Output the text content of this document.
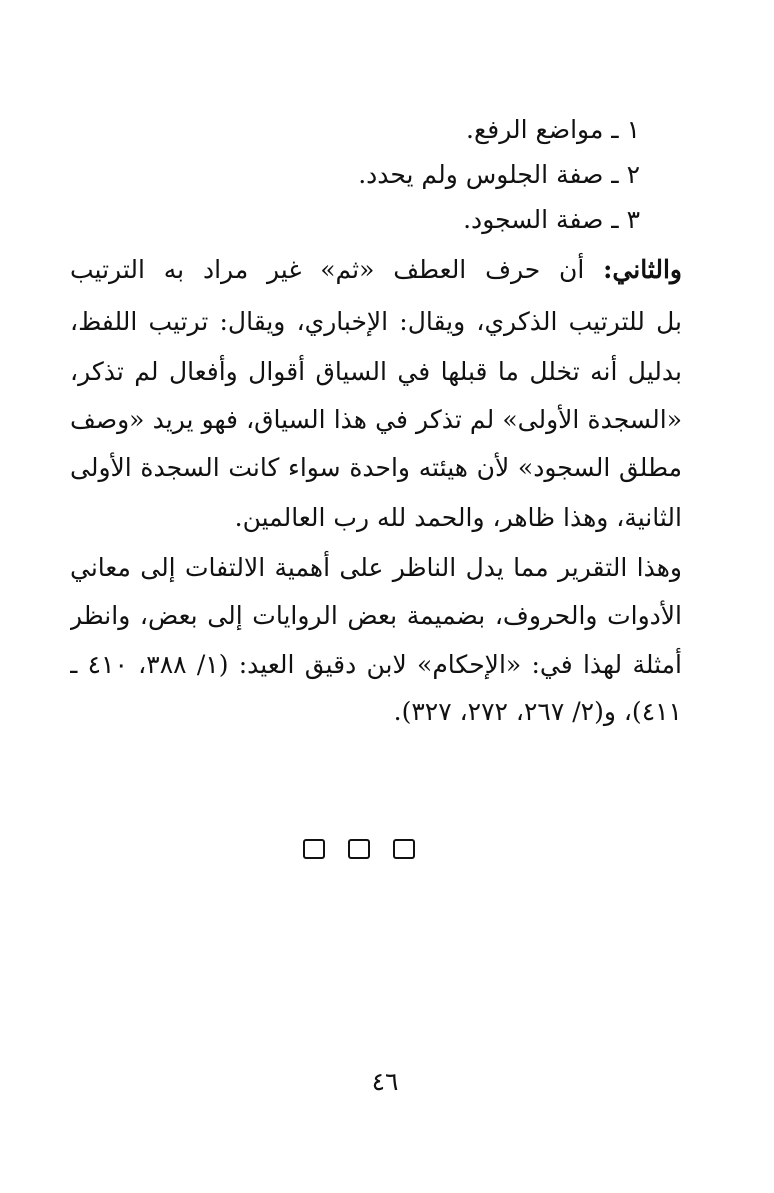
١ ـ مواضع الرفع.
٢ ـ صفة الجلوس ولم يحدد.
٣ ـ صفة السجود.
والثاني: أن حرف العطف «ثم» غير مراد به الترتيب
بل للترتيب الذكري، ويقال: الإخباري، ويقال: ترتيب اللفظ،
بدليل أنه تخلل ما قبلها في السياق أقوال وأفعال لم تذكر،
«السجدة الأولى» لم تذكر في هذا السياق، فهو يريد «وصف
مطلق السجود» لأن هيئته واحدة سواء كانت السجدة الأولى
الثانية، وهذا ظاهر، والحمد لله رب العالمين.
وهذا التقرير مما يدل الناظر على أهمية الالتفات إلى معاني
الأدوات والحروف، بضميمة بعض الروايات إلى بعض، وانظر
أمثلة لهذا في: «الإحكام» لابن دقيق العيد: (١/ ٣٨٨، ٤١٠ ـ
٤١١)، و(٢/ ٢٦٧، ٢٧٢، ٣٢٧).
٤٦
